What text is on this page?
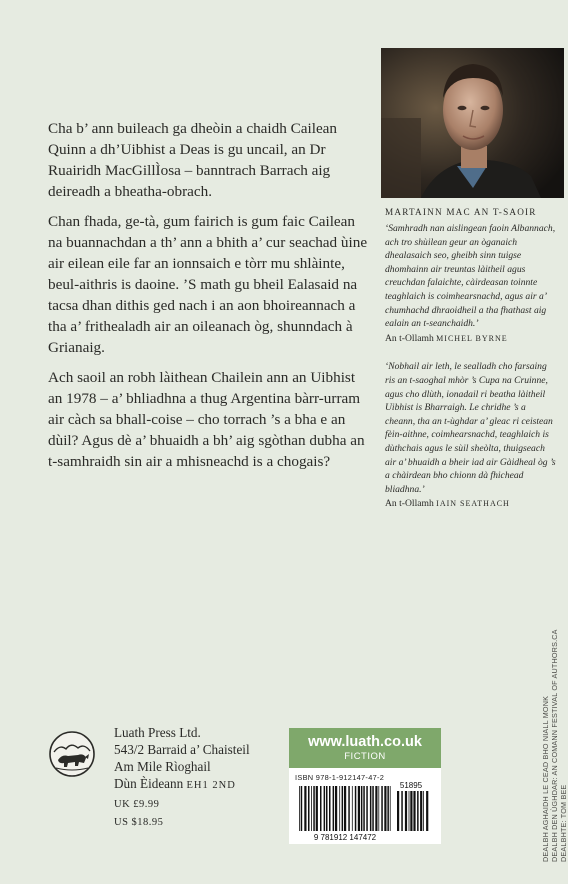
Cha b’ ann buileach ga dheòin a chaidh Cailean Quinn a dh’Uibhist a Deas is gu uncail, an Dr Ruairidh MacGillÌosa – banntrach Barrach aig deireadh a bheatha-obrach.

Chan fhada, ge-tà, gum fairich is gum faic Cailean na buannachdan a th’ ann a bhith a’ cur seachad ùine air eilean eile far an ionnsaich e tòrr mu shlàinte, beul-aithris is daoine. ’S math gu bheil Ealasaid na tacsa dhan dithis ged nach i an aon bhoireannach a tha a’ frithealadh air an oileanach òg, shunndach à Grianaig.

Ach saoil an robh làithean Chailein ann an Uibhist an 1978 – a’ bhliadhna a thug Argentina bàrr-urram air càch sa bhall-coise – cho torrach ’s a bha e an dùil? Agus dè a’ bhuaidh a bh’ aig sgòthan dubha an t-samhraidh sin air a mhisneachd is a chogais?

MARTAINN MAC AN T-SAOIR
‘Samhradh nan aislingean faoin Albannach, ach tro shùilean geur an òganaich dhealasaich seo, gheibh sinn tuigse dhomhainn air treuntas làitheil agus creuchdan falaichte, càirdeasan toinnte teaghlaich is coimhearsnachd, agus air a’ chumhachd dhraoidheil a tha fhathast aig ealain an t-seanchaidh.’
An t-Ollamh MICHEL BYRNE
‘Nobhail air leth, le sealladh cho farsaing ris an t-saoghal mhòr ’s Cupa na Cruinne, agus cho dlùth, ionadail ri beatha làitheil Uibhist is Bharraigh. Le chridhe ’s a cheann, tha an t-ùghdar a’ gleac ri ceistean fèin-aithne, coimhearsnachd, teaghlaich is dùthchais agus le sùil sheòlta, thuigseach air a’ bhuaidh a bheir iad air Gàidheal òg ’s a chàirdean bho chionn dà fhichead bliadhna.’
An t-Ollamh IAIN SEATHACH
Luath Press Ltd.
543/2 Barraid a’ Chaisteil
Am Mile Rìoghail
Dùn Èideann EH1 2ND
UK £9.99
US $18.95
www.luath.co.uk
FICTION
ISBN 978-1-912147-47-2
51895
9 781912 147472	DEALBH AGHAIDH LE CEAD BHO NIALL MONK DEALBH DEN ÙGHDAR: AN COMANN FESTIVAL OF AUTHORS.CA DEALBHTE: TOM BEE
